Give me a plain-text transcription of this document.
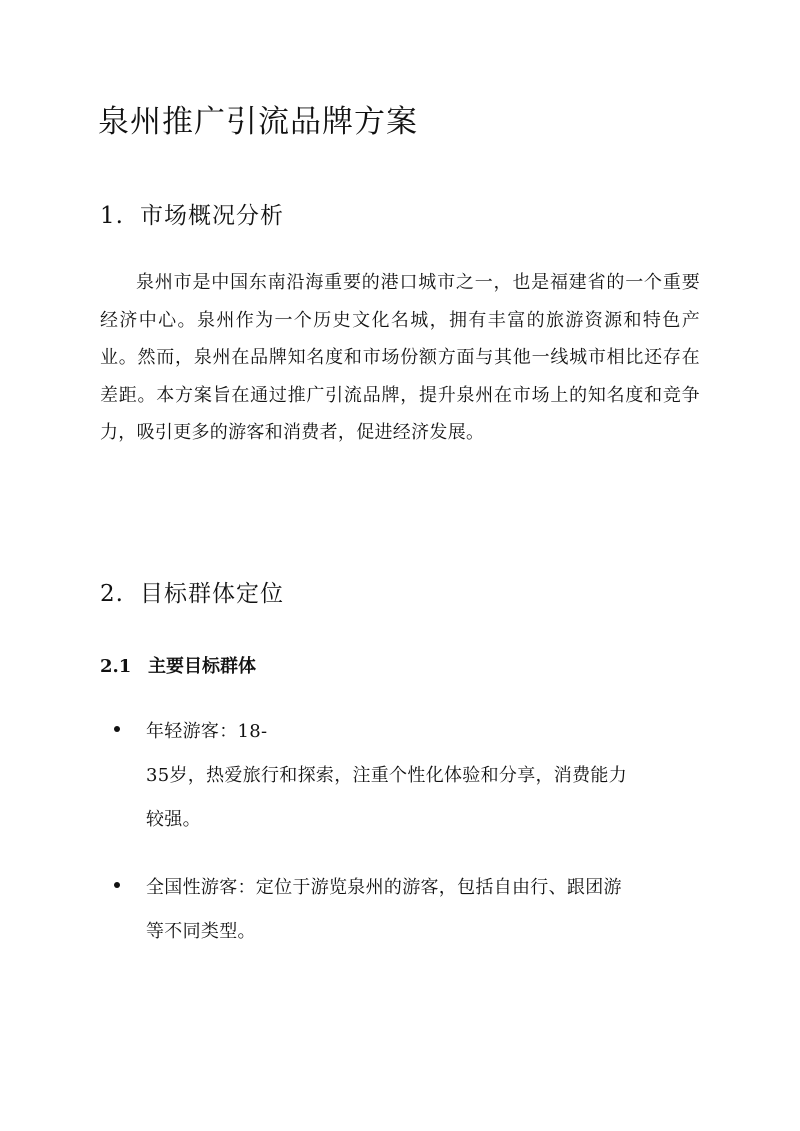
泉州推广引流品牌方案
1. 市场概况分析

泉州市是中国东南沿海重要的港口城市之一，也是福建省的一个重要经济中心。泉州作为一个历史文化名城，拥有丰富的旅游资源和特色产业。然而，泉州在品牌知名度和市场份额方面与其他一线城市相比还存在差距。本方案旨在通过推广引流品牌，提升泉州在市场上的知名度和竞争力，吸引更多的游客和消费者，促进经济发展。

2. 目标群体定位
2.1 主要目标群体

年轻游客：18-
35岁，热爱旅行和探索，注重个性化体验和分享，消费能力
较强。

全国性游客：定位于游览泉州的游客，包括自由行、跟团游
等不同类型。
